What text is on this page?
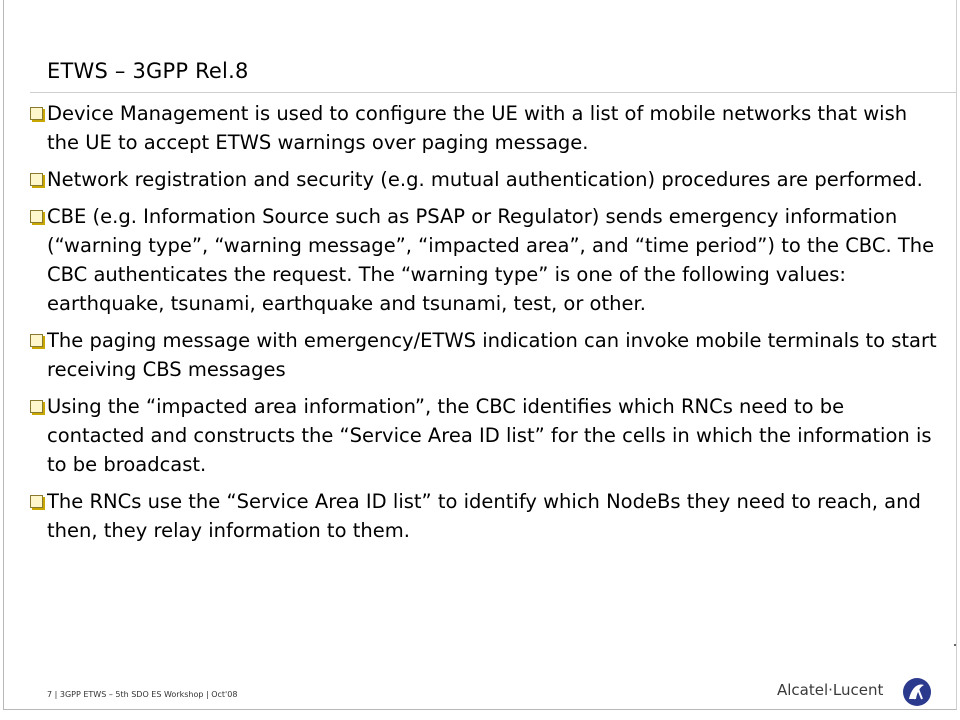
ETWS – 3GPP Rel.8
Device Management is used to configure the UE with a list of mobile networks that wish the UE to accept ETWS warnings over paging message.
Network registration and security (e.g. mutual authentication) procedures are performed.
CBE (e.g. Information Source such as PSAP or Regulator) sends emergency information (“warning type”, “warning message”, “impacted area”, and “time period”) to the CBC. The CBC authenticates the request. The “warning type” is one of the following values: earthquake, tsunami, earthquake and tsunami, test, or other.
The paging message with emergency/ETWS indication can invoke mobile terminals to start receiving CBS messages
Using the “impacted area information”, the CBC identifies which RNCs need to be contacted and constructs the “Service Area ID list” for the cells in which the information is to be broadcast.
The RNCs use the “Service Area ID list” to identify which NodeBs they need to reach, and then, they relay information to them.
7 | 3GPP ETWS – 5th SDO ES Workshop | Oct'08	Alcatel·Lucent
